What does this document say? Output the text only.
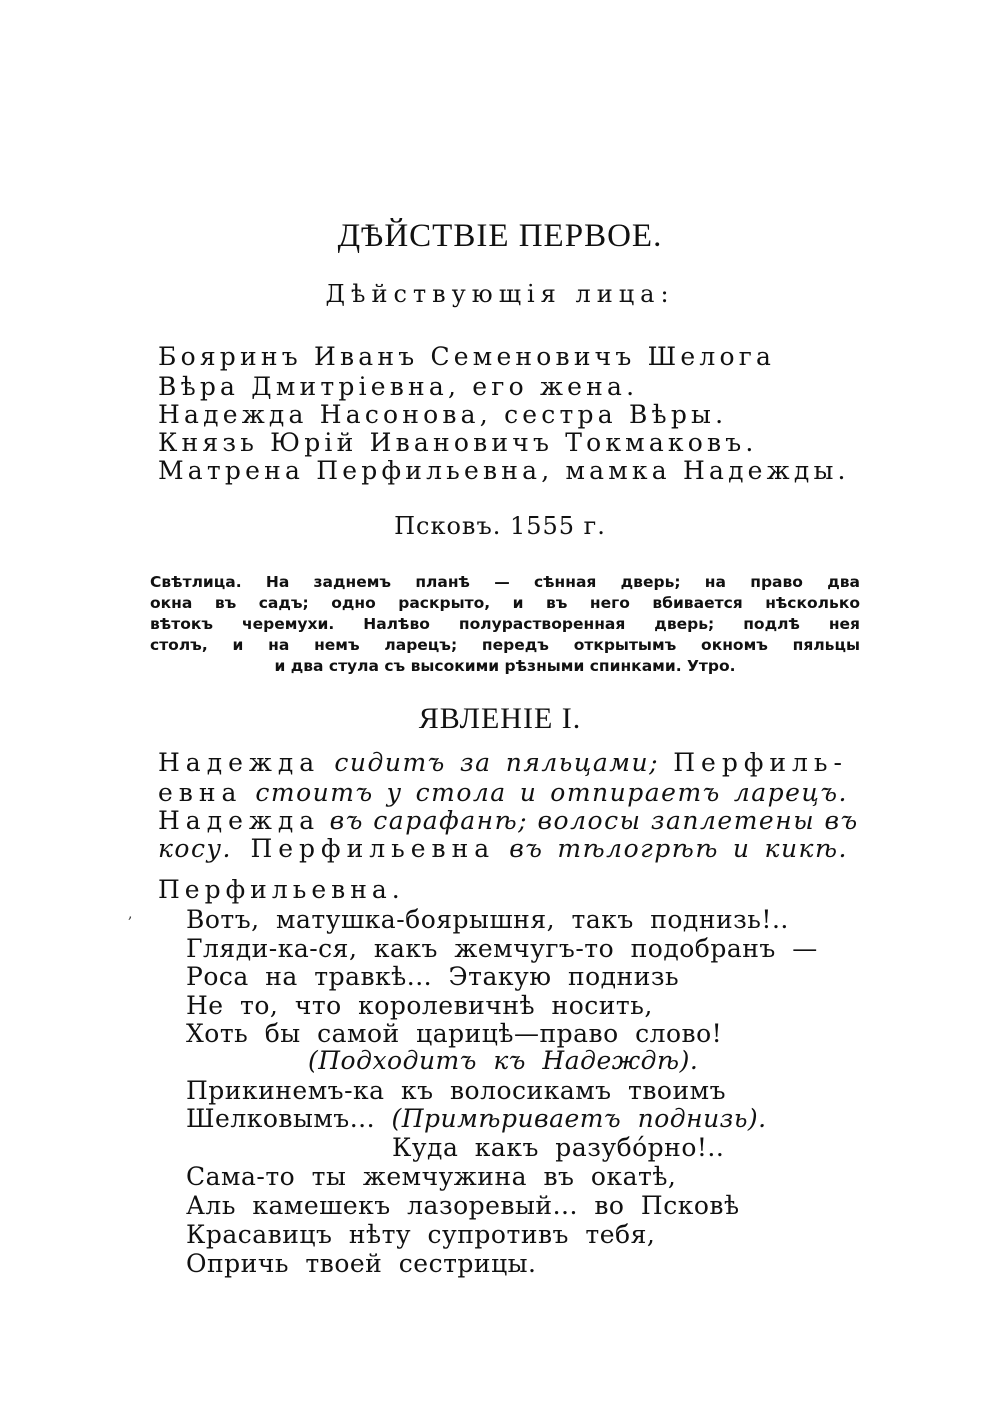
ДѢЙСТВІЕ ПЕРВОЕ.
Дѣйствующія лица:
Бояринъ Иванъ Семеновичъ Шелога
Вѣра Дмитріевна, его жена.
Надежда Насонова, сестра Вѣры.
Князь Юрій Ивановичъ Токмаковъ.
Матрена Перфильевна, мамка Надежды.
Псковъ. 1555 г.
Свѣтлица. На заднемъ планѣ — сѣнная дверь; на право два
окна въ садъ; одно раскрыто, и въ него вбивается нѣсколько
вѣтокъ черемухи. Налѣво полурастворенная дверь; подлѣ нея
столъ, и на немъ ларецъ; передъ открытымъ окномъ пяльцы
и два стула съ высокими рѣзными спинками. Утро.
ЯВЛЕНІЕ I.
Надежда сидитъ за пяльцами; Перфиль-
евна стоитъ у стола и отпираетъ ларецъ.
Надежда въ сарафанѣ; волосы заплетены въ
косу. Перфильевна въ тѣлогрѣѣ и кикѣ.
Перфильевна.
, Вотъ, матушка-боярышня, такъ поднизь!..
Гляди-ка-ся, какъ жемчугъ-то подобранъ —
Роса на травкѣ... Этакую поднизь
Не то, что королевичнѣ носить,
Хоть бы самой царицѣ—право слово!
(Подходитъ къ Надеждѣ).
Прикинемъ-ка къ волосикамъ твоимъ
Шелковымъ... (Примѣриваетъ поднизь).
Куда какъ разубо́рно!..
Сама-то ты жемчужина въ окатѣ,
Аль камешекъ лазоревый... во Псковѣ
Красавицъ нѣту супротивъ тебя,
Опричь твоей сестрицы.
